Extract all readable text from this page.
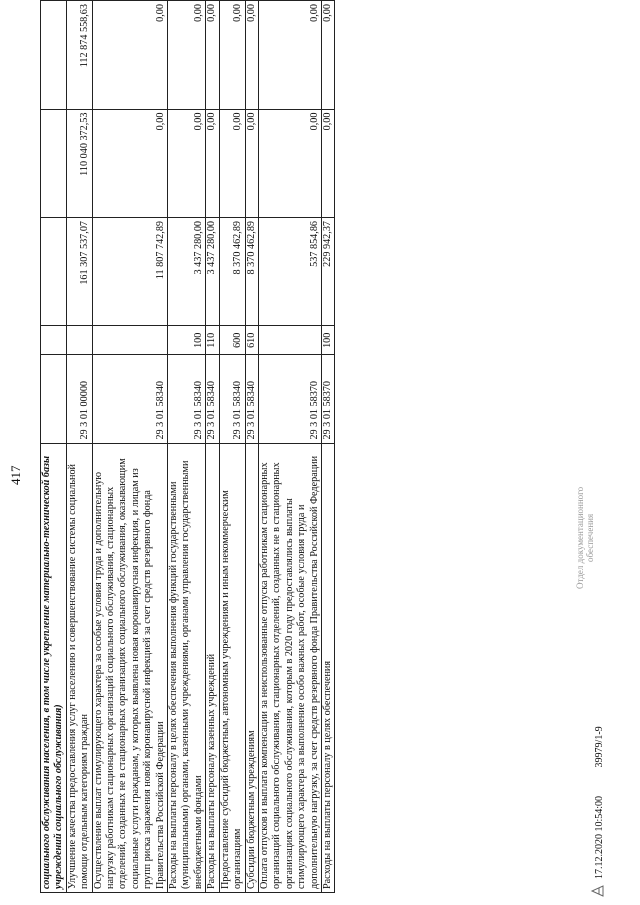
417 социального обслуживания населения, в том числе укрепление материально-технической базы учреждений социального обслуживания)					
Улучшение качества предоставления услуг населению и совершенствование системы социальной помощи отдельным категориям граждан	29 3 01 00000		161 307 537,07	110 040 372,53	112 874 558,63
Осуществление выплат стимулирующего характера за особые условия труда и дополнительную нагрузку работникам стационарных организаций социального обслуживания, стационарных отделений, созданных не в стационарных организациях социального обслуживания, оказывающим социальные услуги гражданам, у которых выявлена новая коронавирусная инфекция, и лицам из групп риска заражения новой коронавирусной инфекцией за счет средств резервного фонда Правительства Российской Федерации	29 3 01 58340		11 807 742,89	0,00	0,00
Расходы на выплаты персоналу в целях обеспечения выполнения функций государственными (муниципальными) органами, казенными учреждениями, органами управления государственными внебюджетными фондами	29 3 01 58340	100	3 437 280,00	0,00	0,00
Расходы на выплаты персоналу казенных учреждений	29 3 01 58340	110	3 437 280,00	0,00	0,00
Предоставление субсидий бюджетным, автономным учреждениям и иным некоммерческим организациям	29 3 01 58340	600	8 370 462,89	0,00	0,00
Субсидии бюджетным учреждениям	29 3 01 58340	610	8 370 462,89	0,00	0,00
Оплата отпусков и выплата компенсации за неиспользованные отпуска работникам стационарных организаций социального обслуживания, стационарных отделений, созданных не в стационарных организациях социального обслуживания, которым в 2020 году предоставлялись выплаты стимулирующего характера за выполнение особо важных работ, особые условия труда и дополнительную нагрузку, за счет средств резервного фонда Правительства Российской Федерации	29 3 01 58370		537 854,86	0,00	0,00
Расходы на выплаты персоналу в целях обеспечения	29 3 01 58370	100	229 942,37	0,00	0,00
Отдел документационного обеспечения
17.12.2020 10:54:00 39979/1-9
